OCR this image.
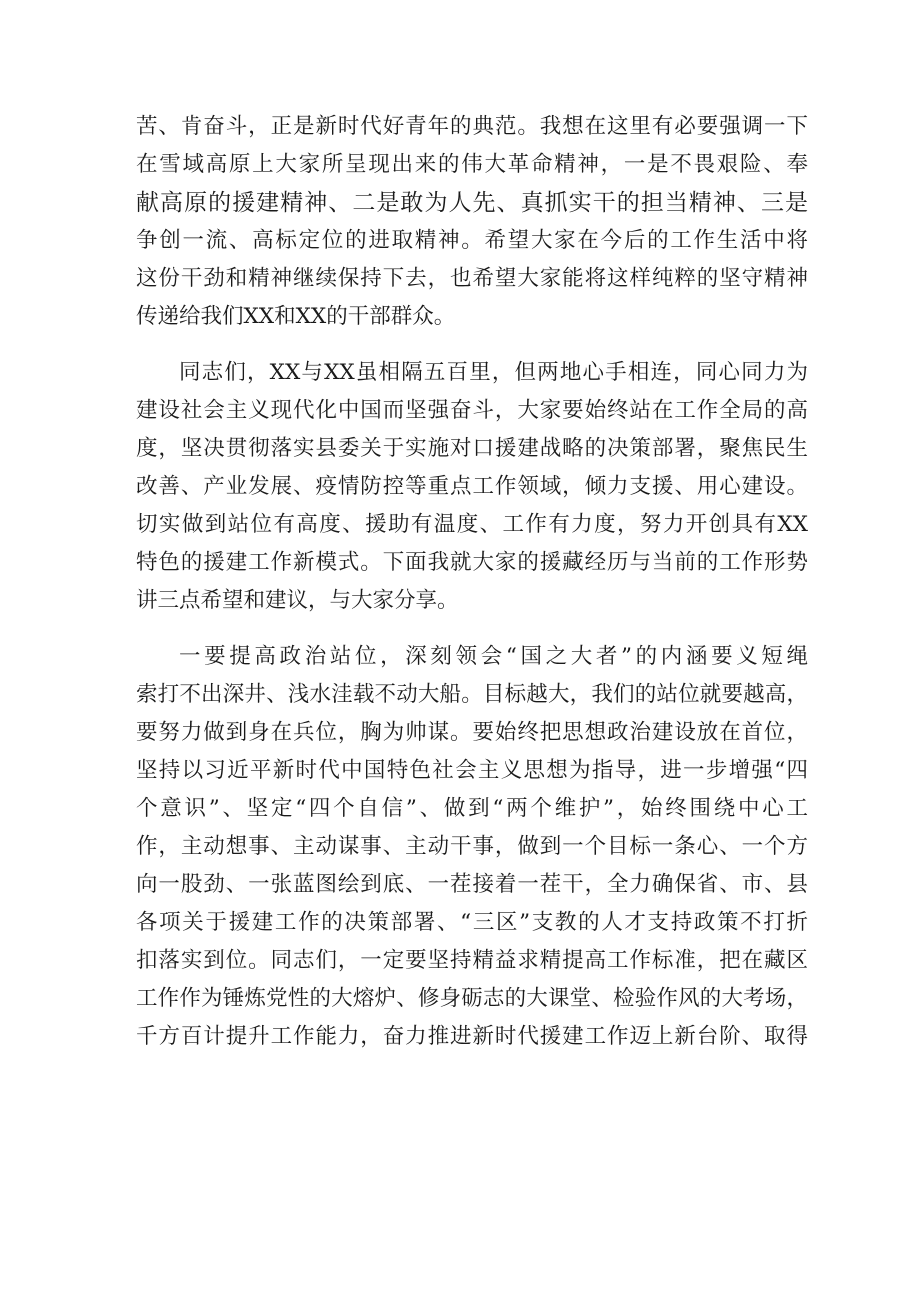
苦、肯奋斗，正是新时代好青年的典范。我想在这里有必要强调一下
在雪域高原上大家所呈现出来的伟大革命精神，一是不畏艰险、奉
献高原的援建精神、二是敢为人先、真抓实干的担当精神、三是
争创一流、高标定位的进取精神。希望大家在今后的工作生活中将
这份干劲和精神继续保持下去，也希望大家能将这样纯粹的坚守精神
传递给我们XX和XX的干部群众。
同志们，XX与XX虽相隔五百里，但两地心手相连，同心同力为
建设社会主义现代化中国而坚强奋斗，大家要始终站在工作全局的高
度，坚决贯彻落实县委关于实施对口援建战略的决策部署，聚焦民生
改善、产业发展、疫情防控等重点工作领域，倾力支援、用心建设。
切实做到站位有高度、援助有温度、工作有力度，努力开创具有XX
特色的援建工作新模式。下面我就大家的援藏经历与当前的工作形势
讲三点希望和建议，与大家分享。
一要提高政治站位，深刻领会“国之大者”的内涵要义短绳
索打不出深井、浅水洼载不动大船。目标越大，我们的站位就要越高，
要努力做到身在兵位，胸为帅谋。要始终把思想政治建设放在首位，
坚持以习近平新时代中国特色社会主义思想为指导，进一步增强“四
个意识”、坚定“四个自信”、做到“两个维护”，始终围绕中心工
作，主动想事、主动谋事、主动干事，做到一个目标一条心、一个方
向一股劲、一张蓝图绘到底、一茬接着一茬干，全力确保省、市、县
各项关于援建工作的决策部署、“三区”支教的人才支持政策不打折
扣落实到位。同志们，一定要坚持精益求精提高工作标准，把在藏区
工作作为锤炼党性的大熔炉、修身砺志的大课堂、检验作风的大考场，
千方百计提升工作能力，奋力推进新时代援建工作迈上新台阶、取得
